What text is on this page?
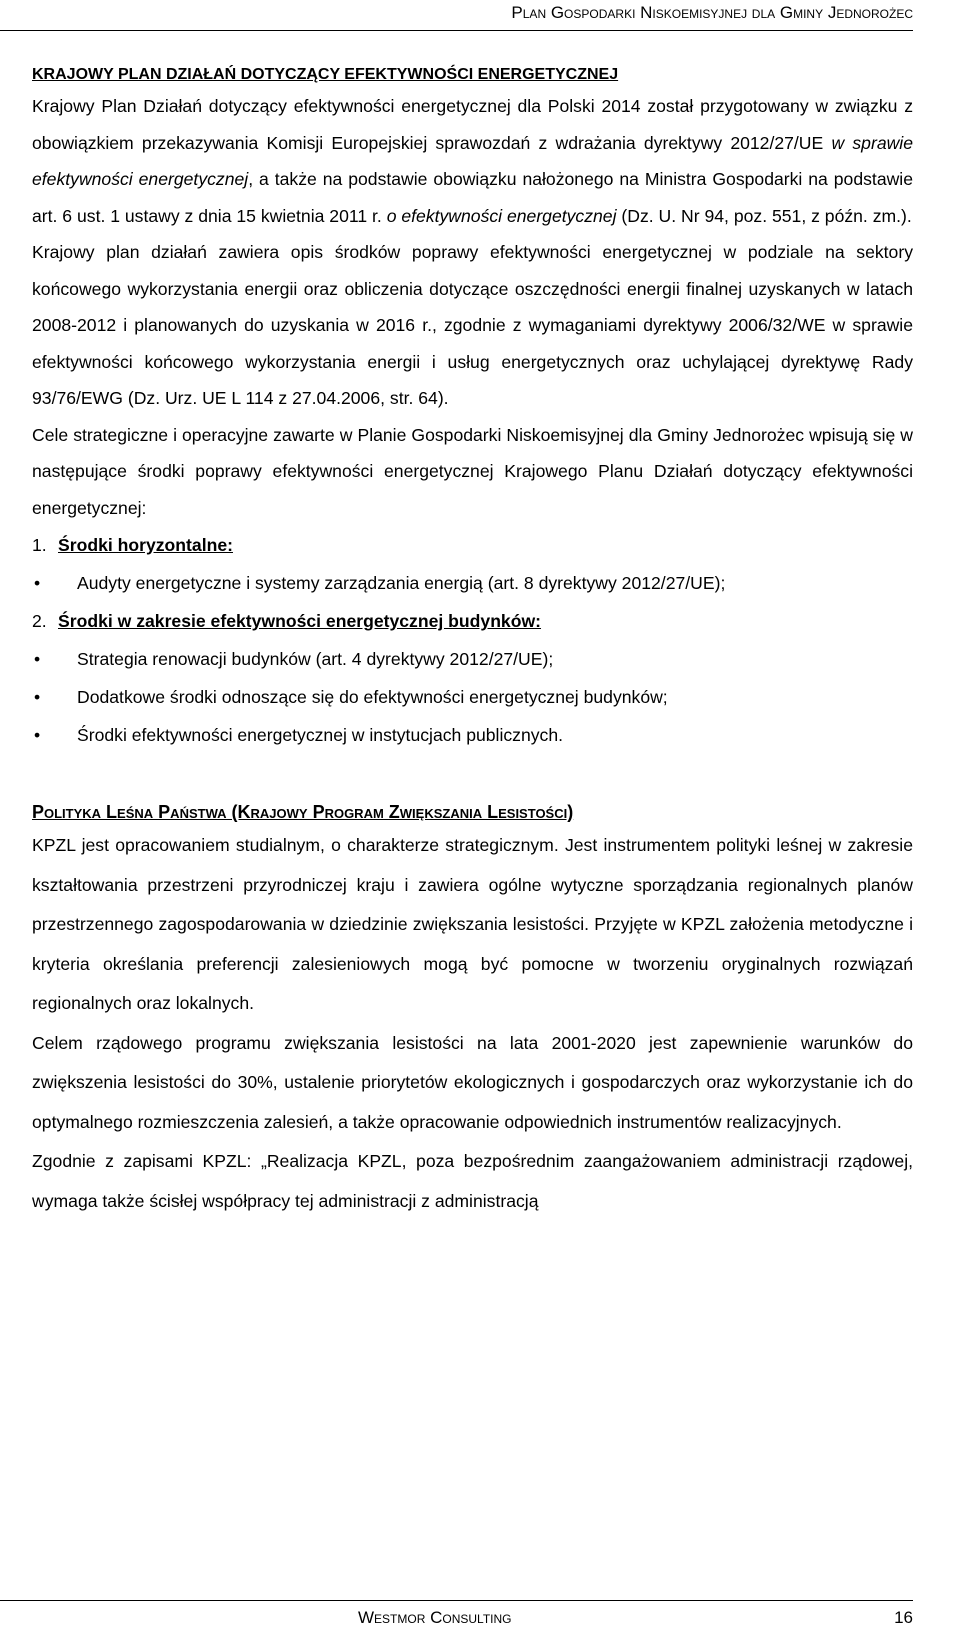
Plan Gospodarki Niskoemisyjnej dla Gminy Jednorożec
KRAJOWY PLAN DZIAŁAŃ DOTYCZĄCY EFEKTYWNOŚCI ENERGETYCZNEJ

Krajowy Plan Działań dotyczący efektywności energetycznej dla Polski 2014 został przygotowany w związku z obowiązkiem przekazywania Komisji Europejskiej sprawozdań z wdrażania dyrektywy 2012/27/UE w sprawie efektywności energetycznej, a także na podstawie obowiązku nałożonego na Ministra Gospodarki na podstawie art. 6 ust. 1 ustawy z dnia 15 kwietnia 2011 r. o efektywności energetycznej (Dz. U. Nr 94, poz. 551, z późn. zm.).

Krajowy plan działań zawiera opis środków poprawy efektywności energetycznej w podziale na sektory końcowego wykorzystania energii oraz obliczenia dotyczące oszczędności energii finalnej uzyskanych w latach 2008-2012 i planowanych do uzyskania w 2016 r., zgodnie z wymaganiami dyrektywy 2006/32/WE w sprawie efektywności końcowego wykorzystania energii i usług energetycznych oraz uchylającej dyrektywę Rady 93/76/EWG (Dz. Urz. UE L 114 z 27.04.2006, str. 64).

Cele strategiczne i operacyjne zawarte w Planie Gospodarki Niskoemisyjnej dla Gminy Jednorożec wpisują się w następujące środki poprawy efektywności energetycznej Krajowego Planu Działań dotyczący efektywności energetycznej:

1. Środki horyzontalne:
• Audyty energetyczne i systemy zarządzania energią (art. 8 dyrektywy 2012/27/UE);
2. Środki w zakresie efektywności energetycznej budynków:
• Strategia renowacji budynków (art. 4 dyrektywy 2012/27/UE);
• Dodatkowe środki odnoszące się do efektywności energetycznej budynków;
• Środki efektywności energetycznej w instytucjach publicznych.
Polityka Leśna Państwa (Krajowy Program Zwiększania Lesistości)

KPZL jest opracowaniem studialnym, o charakterze strategicznym. Jest instrumentem polityki leśnej w zakresie kształtowania przestrzeni przyrodniczej kraju i zawiera ogólne wytyczne sporządzania regionalnych planów przestrzennego zagospodarowania w dziedzinie zwiększania lesistości. Przyjęte w KPZL założenia metodyczne i kryteria określania preferencji zalesieniowych mogą być pomocne w tworzeniu oryginalnych rozwiązań regionalnych oraz lokalnych.

Celem rządowego programu zwiększania lesistości na lata 2001-2020 jest zapewnienie warunków do zwiększenia lesistości do 30%, ustalenie priorytetów ekologicznych i gospodarczych oraz wykorzystanie ich do optymalnego rozmieszczenia zalesień, a także opracowanie odpowiednich instrumentów realizacyjnych.

Zgodnie z zapisami KPZL: „Realizacja KPZL, poza bezpośrednim zaangażowaniem administracji rządowej, wymaga także ścisłej współpracy tej administracji z administracją

Westmor Consulting	16
